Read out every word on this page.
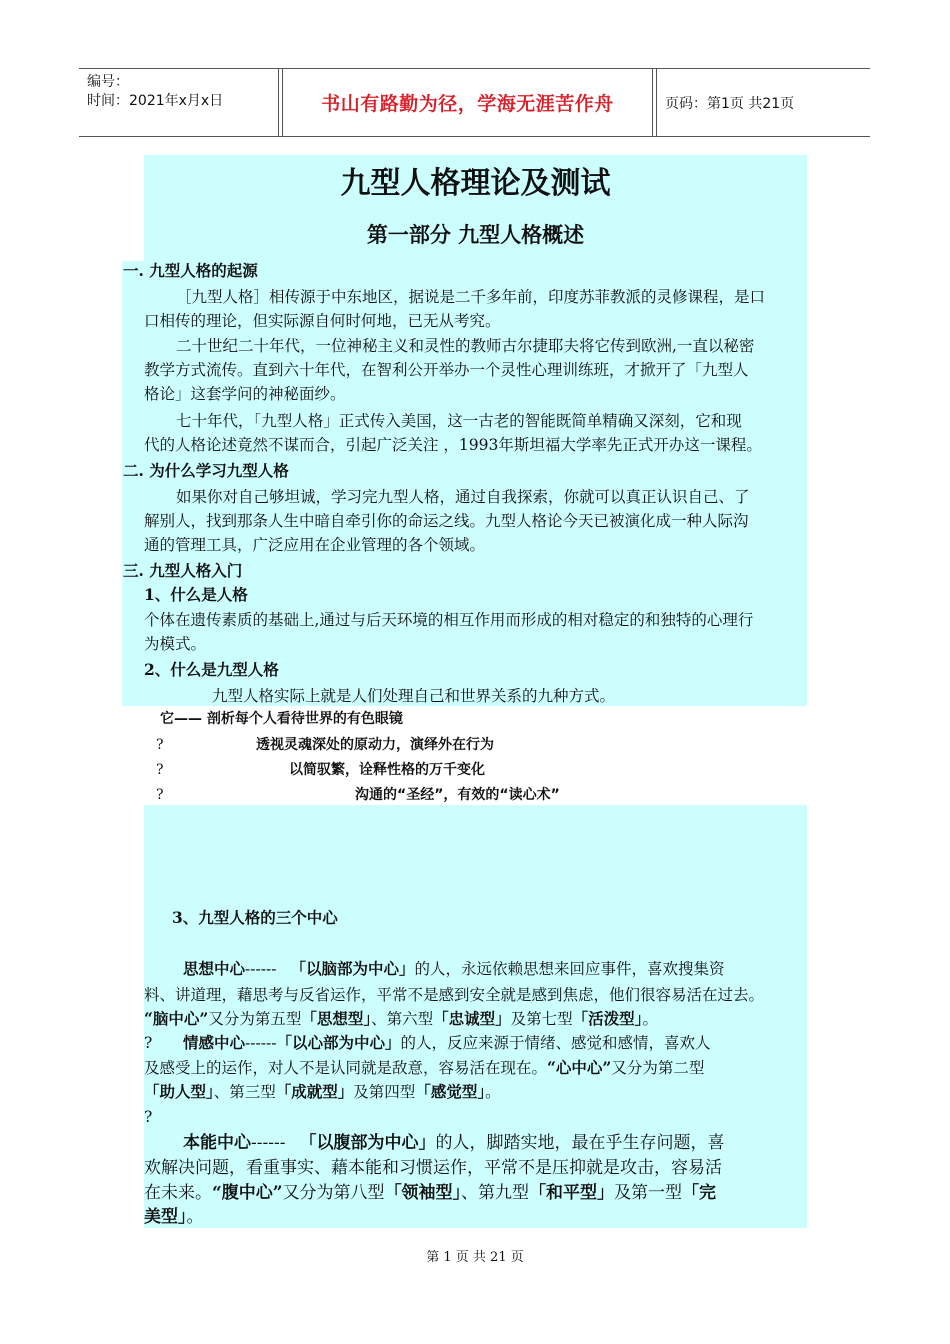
编号：
时间：2021年x月x日	书山有路勤为径，学海无涯苦作舟	页码：第1页 共21页
九型人格理论及测试
第一部分 九型人格概述
一. 九型人格的起源
［九型人格］相传源于中东地区，据说是二千多年前，印度苏菲教派的灵修课程，是口
口相传的理论，但实际源自何时何地，已无从考究。
二十世纪二十年代，一位神秘主义和灵性的教师古尔捷耶夫将它传到欧洲,一直以秘密
教学方式流传。直到六十年代，在智利公开举办一个灵性心理训练班，才掀开了「九型人
格论」这套学问的神秘面纱。
七十年代，「九型人格」正式传入美国，这一古老的智能既简单精确又深刻，它和现
代的人格论述竟然不谋而合，引起广泛关注 ，1993年斯坦福大学率先正式开办这一课程。
二. 为什么学习九型人格
如果你对自己够坦诚，学习完九型人格，通过自我探索，你就可以真正认识自己、了
解别人，找到那条人生中暗自牵引你的命运之线。九型人格论今天已被演化成一种人际沟
通的管理工具，广泛应用在企业管理的各个领域。
三. 九型人格入门
1、什么是人格
个体在遗传素质的基础上,通过与后天环境的相互作用而形成的相对稳定的和独特的心理行
为模式。
2、什么是九型人格
九型人格实际上就是人们处理自己和世界关系的九种方式。
它—— 剖析每个人看待世界的有色眼镜
?	透视灵魂深处的原动力，演绎外在行为
?	以简驭繁，诠释性格的万千变化
?	沟通的“圣经”，有效的“读心术”
3、九型人格的三个中心
思想中心------ 「以脑部为中心」的人，永远依赖思想来回应事件，喜欢搜集资
料、讲道理，藉思考与反省运作，平常不是感到安全就是感到焦虑，他们很容易活在过去。
“脑中心”又分为第五型「思想型」、第六型「忠诚型」及第七型「活泼型」。
? 情感中心------「以心部为中心」的人，反应来源于情绪、感觉和感情，喜欢人
及感受上的运作，对人不是认同就是敌意，容易活在现在。“心中心”又分为第二型
「助人型」、第三型「成就型」及第四型「感觉型」。
?
本能中心------ 「以腹部为中心」的人，脚踏实地，最在乎生存问题，喜
欢解决问题，看重事实、藉本能和习惯运作，平常不是压抑就是攻击，容易活
在未来。“腹中心”又分为第八型「领袖型」、第九型「和平型」及第一型「完
美型」。
第 1 页 共 21 页
